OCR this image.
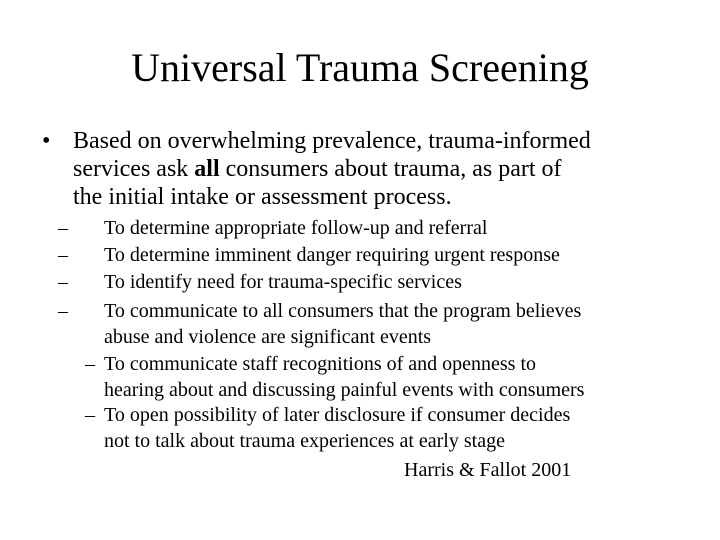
Universal Trauma Screening
• Based on overwhelming prevalence, trauma-informed
services ask all consumers about trauma, as part of
the initial intake or assessment process.
– To determine appropriate follow-up and referral
– To determine imminent danger requiring urgent response
– To identify need for trauma-specific services
– To communicate to all consumers that the program believes
abuse and violence are significant events
– To communicate staff recognitions of and openness to
hearing about and discussing painful events with consumers
– To open possibility of later disclosure if consumer decides
not to talk about trauma experiences at early stage
Harris & Fallot 2001
